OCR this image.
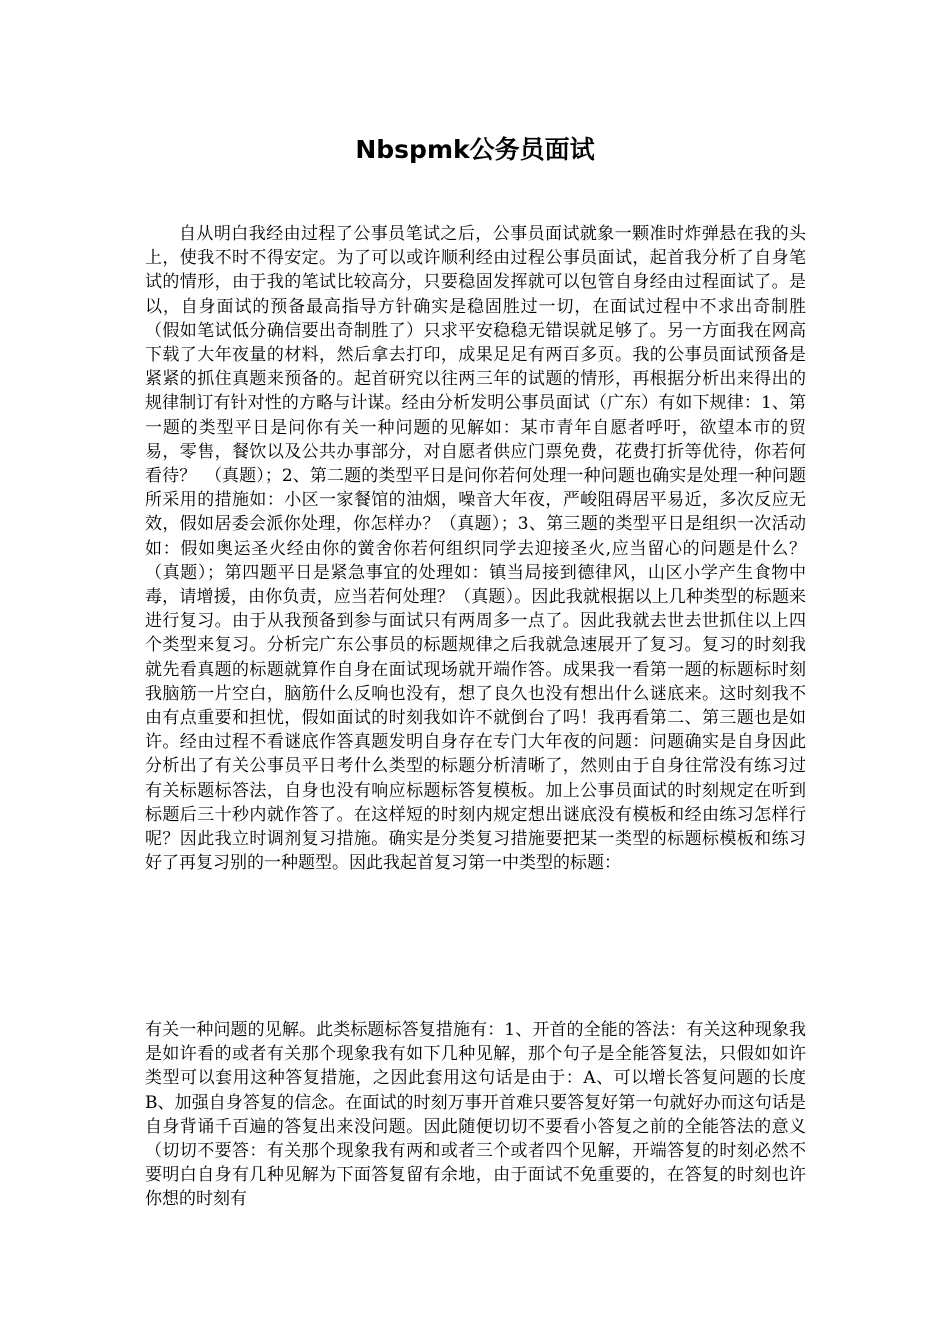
Nbspmk公务员面试

自从明白我经由过程了公事员笔试之后，公事员面试就象一颗准时炸弹悬在我的头上，使我不时不得安定。为了可以或许顺利经由过程公事员面试，起首我分析了自身笔试的情形，由于我的笔试比较高分，只要稳固发挥就可以包管自身经由过程面试了。是以，自身面试的预备最高指导方针确实是稳固胜过一切，在面试过程中不求出奇制胜（假如笔试低分确信要出奇制胜了）只求平安稳稳无错误就足够了。另一方面我在网高下载了大年夜量的材料，然后拿去打印，成果足足有两百多页。我的公事员面试预备是紧紧的抓住真题来预备的。起首研究以往两三年的试题的情形，再根据分析出来得出的规律制订有针对性的方略与计谋。经由分析发明公事员面试（广东）有如下规律：1、第一题的类型平日是问你有关一种问题的见解如：某市青年自愿者呼吁，欲望本市的贸易，零售，餐饮以及公共办事部分，对自愿者供应门票免费，花费打折等优待，你若何看待？　（真题）；2、第二题的类型平日是问你若何处理一种问题也确实是处理一种问题所采用的措施如：小区一家餐馆的油烟，噪音大年夜，严峻阻碍居平易近，多次反应无效，假如居委会派你处理，你怎样办？（真题）；3、第三题的类型平日是组织一次活动如：假如奥运圣火经由你的黉舍你若何组织同学去迎接圣火,应当留心的问题是什么？（真题）；第四题平日是紧急事宜的处理如：镇当局接到德律风，山区小学产生食物中毒，请增援，由你负责，应当若何处理？（真题）。因此我就根据以上几种类型的标题来进行复习。由于从我预备到参与面试只有两周多一点了。因此我就去世去世抓住以上四个类型来复习。分析完广东公事员的标题规律之后我就急速展开了复习。复习的时刻我就先看真题的标题就算作自身在面试现场就开端作答。成果我一看第一题的标题标时刻我脑筋一片空白，脑筋什么反响也没有，想了良久也没有想出什么谜底来。这时刻我不由有点重要和担忧，假如面试的时刻我如许不就倒台了吗！我再看第二、第三题也是如许。经由过程不看谜底作答真题发明自身存在专门大年夜的问题：问题确实是自身因此分析出了有关公事员平日考什么类型的标题分析清晰了，然则由于自身往常没有练习过有关标题标答法，自身也没有响应标题标答复模板。加上公事员面试的时刻规定在听到标题后三十秒内就作答了。在这样短的时刻内规定想出谜底没有模板和经由练习怎样行呢？因此我立时调剂复习措施。确实是分类复习措施要把某一类型的标题标模板和练习好了再复习别的一种题型。因此我起首复习第一中类型的标题：

有关一种问题的见解。此类标题标答复措施有：1、开首的全能的答法：有关这种现象我是如许看的或者有关那个现象我有如下几种见解，那个句子是全能答复法，只假如如许类型可以套用这种答复措施，之因此套用这句话是由于：A、可以增长答复问题的长度B、加强自身答复的信念。在面试的时刻万事开首难只要答复好第一句就好办而这句话是自身背诵千百遍的答复出来没问题。因此随便切切不要看小答复之前的全能答法的意义（切切不要答：有关那个现象我有两和或者三个或者四个见解，开端答复的时刻必然不要明白自身有几种见解为下面答复留有余地，由于面试不免重要的，在答复的时刻也许你想的时刻有
